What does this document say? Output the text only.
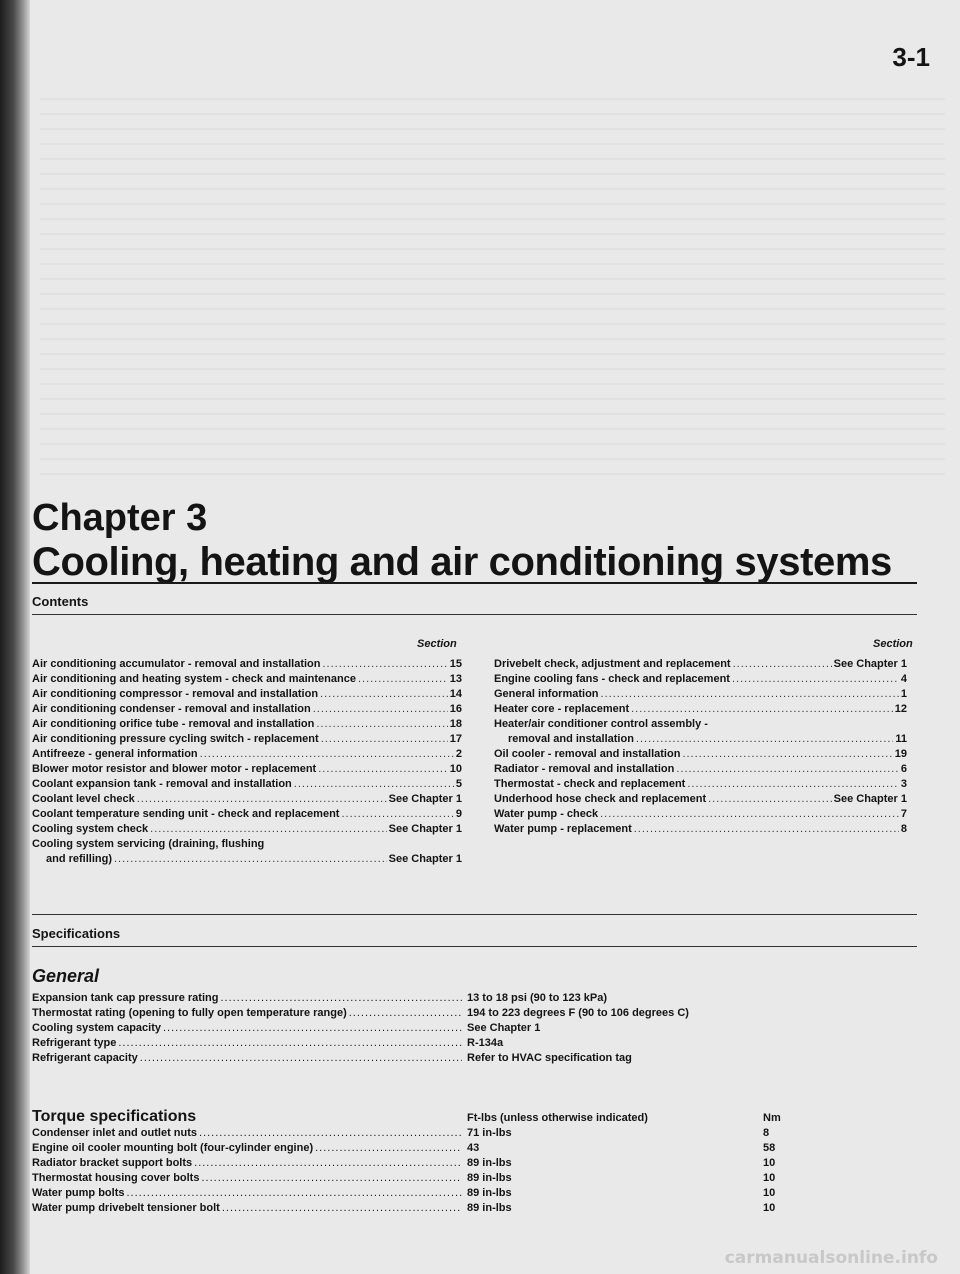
3-1
Chapter 3
Cooling, heating and air conditioning systems
Contents
Section	Section
Air conditioning accumulator - removal and installation .....	15
Air conditioning and heating system - check and maintenance .....	13
Air conditioning compressor - removal and installation .....	14
Air conditioning condenser - removal and installation .....	16
Air conditioning orifice tube - removal and installation .....	18
Air conditioning pressure cycling switch - replacement .....	17
Antifreeze - general information .....	2
Blower motor resistor and blower motor - replacement .....	10
Coolant expansion tank - removal and installation .....	5
Coolant level check .....	See Chapter 1
Coolant temperature sending unit - check and replacement .....	9
Cooling system check .....	See Chapter 1
Cooling system servicing (draining, flushing
and refilling) .....	See Chapter 1
Drivebelt check, adjustment and replacement .....	See Chapter 1
Engine cooling fans - check and replacement .....	4
General information .....	1
Heater core - replacement .....	12
Heater/air conditioner control assembly -
removal and installation .....	11
Oil cooler - removal and installation .....	19
Radiator - removal and installation .....	6
Thermostat - check and replacement .....	3
Underhood hose check and replacement .....	See Chapter 1
Water pump - check .....	7
Water pump - replacement .....	8
Specifications
General
Expansion tank cap pressure rating .....	13 to 18 psi (90 to 123 kPa)
Thermostat rating (opening to fully open temperature range) .....	194 to 223 degrees F (90 to 106 degrees C)
Cooling system capacity .....	See Chapter 1
Refrigerant type .....	R-134a
Refrigerant capacity .....	Refer to HVAC specification tag
Torque specifications	Ft-lbs (unless otherwise indicated)	Nm
Condenser inlet and outlet nuts .....	71 in-lbs	8
Engine oil cooler mounting bolt (four-cylinder engine) .....	43	58
Radiator bracket support bolts .....	89 in-lbs	10
Thermostat housing cover bolts .....	89 in-lbs	10
Water pump bolts .....	89 in-lbs	10
Water pump drivebelt tensioner bolt .....	89 in-lbs	10
carmanualsonline.info
